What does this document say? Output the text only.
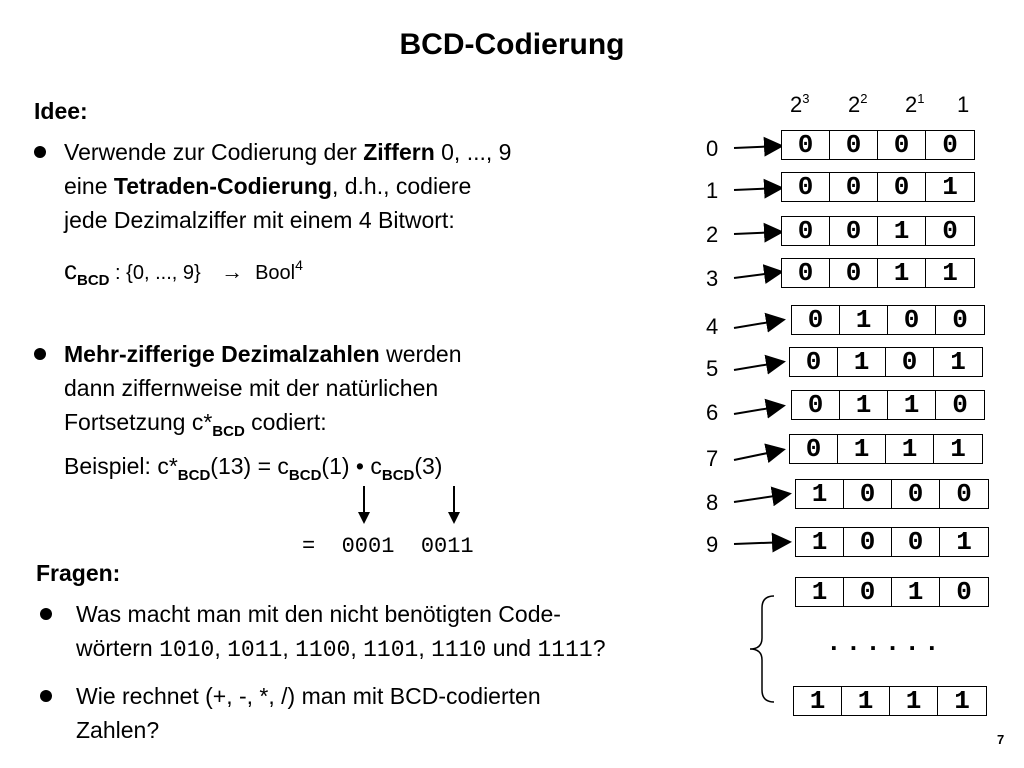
BCD-Codierung
Idee:
Verwende zur Codierung der Ziffern 0, ..., 9
eine Tetraden-Codierung, d.h., codiere
jede Dezimalziffer mit einem 4 Bitwort:
$c_{BCD}$ : {0, ..., 9} → Bool$^4$
Mehr-zifferige Dezimalzahlen werden
dann ziffernweise mit der natürlichen
Fortsetzung $c*_{BCD}$ codiert:
Beispiel: $c*_{BCD}(13) = c_{BCD}(1)$ • $c_{BCD}(3)$
=  0001  0011
Fragen:
Was macht man mit den nicht benötigten Code-
wörtern 1010, 1011, 1100, 1101, 1110 und 1111?
Wie rechnet (+, -, *, /) man mit BCD-codierten
Zahlen?
$2^3$ $2^2$ $2^1$ 1
0
1
2
3
4
5
6
7
8
9
0	0	0	0
0	0	0	1
0	0	1	0
0	0	1	1
0	1	0	0
0	1	0	1
0	1	1	0
0	1	1	1
1	0	0	0
1	0	0	1
1	0	1	0
......
1	1	1	1
7
